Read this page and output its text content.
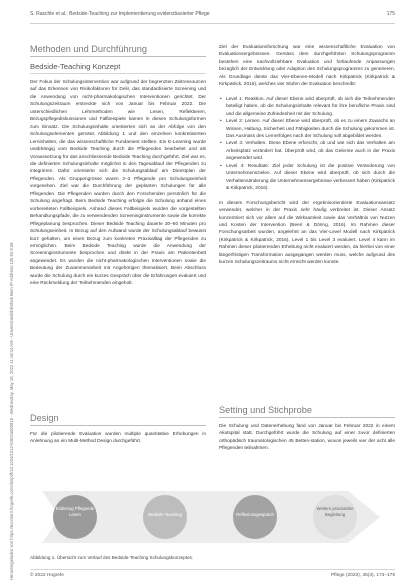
Heruntergeladen von https://econtent.hogrefe.com/doi/pdf/10.1024/1012-5302/a000915 - Wednesday, May 18, 2022 11:18:44 AM - Universitatsbibliothek Bern IP Address:130.92.9.58
S. Raschle et al.: Bedside-Teaching zur Implementierung evidenzbasierter Pflege	175
Methoden und Durchführung
Bedside-Teaching Konzept

Der Fokus der Schulungsintervention war aufgrund der begrenzten Zeitressourcen auf das Erkennen von Risikofaktoren für Delir, das standardisierte Screening und die Anwendung von nicht-pharmakologischen Interventionen gerichtet. Der Schulungszeitraum erstreckte sich von Januar bis Februar 2022. Die unterschiedlichen Lehrmethoden wie Lesen, Reflektieren, Bezugspflegediskussionen und Fallbeispiele kamen in diesen Schulungsformen zum Einsatz. Die Schulungsinhalte orientierten sich an der Abfolge von den Schulungselementen gemäss Abbildung 1 und den einzelnen konkretisierten Lerninhalten, die das wissenschaftliche Fundament stellten. Ein E-Learning wurde unabhängig vom Bedside Teaching durch die Pflegenden bearbeitet und als Voraussetzung für das anschliessende Bedside Teaching durchgeführt. Ziel war es, die definierten Schulungsinhalte möglichst in den Tagesablauf der Pflegenden zu integrieren. Dafür orientierte sich die Schulungsablauf am Dienstplan der Pflegenden. Als Gruppengrösse waren 2–3 Pflegende pro Schulungseinheit vorgesehen. Ziel war die Durchführung der geplanten Schulungen für alle Pflegenden. Die Pflegenden wurden durch den Forschenden persönlich für die Schulung angefragt. Beim Bedside Teaching erfolgte die Schulung anhand eines vorbereiteten Fallbeispiels. Anhand dieses Fallbeispiels wurden die vorgestellten Behandlungspfade, die zu verwendenden Screeninginstrumente sowie die korrekte Pflegeplanung besprochen. Dieser Bedside Teaching dauerte 30–60 Minuten pro Schulungseinheit. In Bezug auf den Aufwand wurde der Schulungsablauf bewusst kurz gehalten, um einen Bezug zum konkreten Praxisalltag der Pflegenden zu ermöglichen. Beim Bedside Teaching wurde die Anwendung der Screeninginstrumente besprochen und direkt in der Praxis am Patientenbett angewendet. Es wurden die nicht-pharmakologischen Interventionen sowie die Bedeutung der Zusammenarbeit mit Angehörigen thematisiert. Beim Abschluss wurde die Schulung durch ein kurzes Gespräch über die Erfahrungen evaluiert und eine Rückmeldung der Teilnehmenden eingeholt.

Design

Für die pilotierende Evaluation wurden multiple quantitative Erhebungen in Anlehnung an ein Multi-Method Design durchgeführt.

Ziel der Evaluationsforschung war eine wissenschaftliche Evaluation von Evaluationsergebnissen. Gemäss dem durchgeführten Schulungsprogramm bestehen eine nachvollziehbare Evaluation und fortlaufende Anpassungen bezüglich der Entwicklung oder Adaption des Schulungsprogramms zu generieren. Als Grundlage diente das Vier-Ebenen-Modell nach Kirkpatrick (Kirkpatrick & Kirkpatrick, 2016), welches vier Stufen der Evaluation beschreibt:

• Level 1: Reaktion. Auf dieser Ebene wird überprüft, ob sich die Teilnehmenden beteiligt haben, ob die Schulungsinhalte relevant für ihre berufliche Praxis sind und die allgemeine Zufriedenheit mit der Schulung.
• Level 2: Lernen. Auf dieser Ebene wird überprüft, ob es zu einem Zuwachs an Wissen, Haltung, Sicherheit und Fähigkeiten durch die Schulung gekommen ist. Das Ausmass des Lernerfolges nach der Schulung soll abgebildet werden.
• Level 3: Verhalten. Diese Ebene erforscht, ob und wie sich das Verhalten am Arbeitsplatz verändert hat. Überprüft wird, ob das Gelernte auch in der Praxis angewendet wird.
• Level 4: Resultate: Ziel jeder Schulung ist die positive Veränderung von Unternehmenszielen. Auf dieser Ebene wird überprüft, ob sich durch die Verhaltensänderung die Unternehmensergebnisse verbessert haben (Kirkpatrick & Kirkpatrick, 2016).

In diesem Forschungsbericht wird der ergebnisorientierte Evaluationsansatz verwendet, welcher in der Praxis sehr häufig verbreitet ist. Dieser Ansatz konzentriert sich vor allem auf die Wirksamkeit sowie das Verhältnis von Nutzen und Kosten der Intervention (Beeri & Döring, 2016). Im Rahmen dieser Forschungsarbeit wurden, angelehnt an das Vier-Level Modell nach Kirkpatrick (Kirkpatrick & Kirkpatrick, 2016), Level 1 bis Level 3 evaluiert. Level 4 kann im Rahmen dieser pilotierenden Erhebung nicht evaluiert werden, da hierbei von einer längerfristigen Transformation ausgegangen werden muss, welche aufgrund des kurzen Schulungszeitraums nicht erreicht werden konnte.

Setting und Stichprobe

Die Schulung und Datenerhebung fand von Januar bis Februar 2022 in einem Akutspital statt. Durchgeführt wurde die Schulung auf einer zuvor definierten orthopädisch traumatologischen 45 Betten-station, wovon jeweils vier der acht alle Pflegenden teilnahmen.

Einbezug Pflegende Lesen	Bedside Teaching	Reflexionsgespräch
Weitere praxisnahe Begleitung
Abbildung 1. Übersicht zum Verlauf des Bedside-Teaching Schulungskonzeptes.
© 2022 Hogrefe	Pflege (2022), 35(3), 173–179
